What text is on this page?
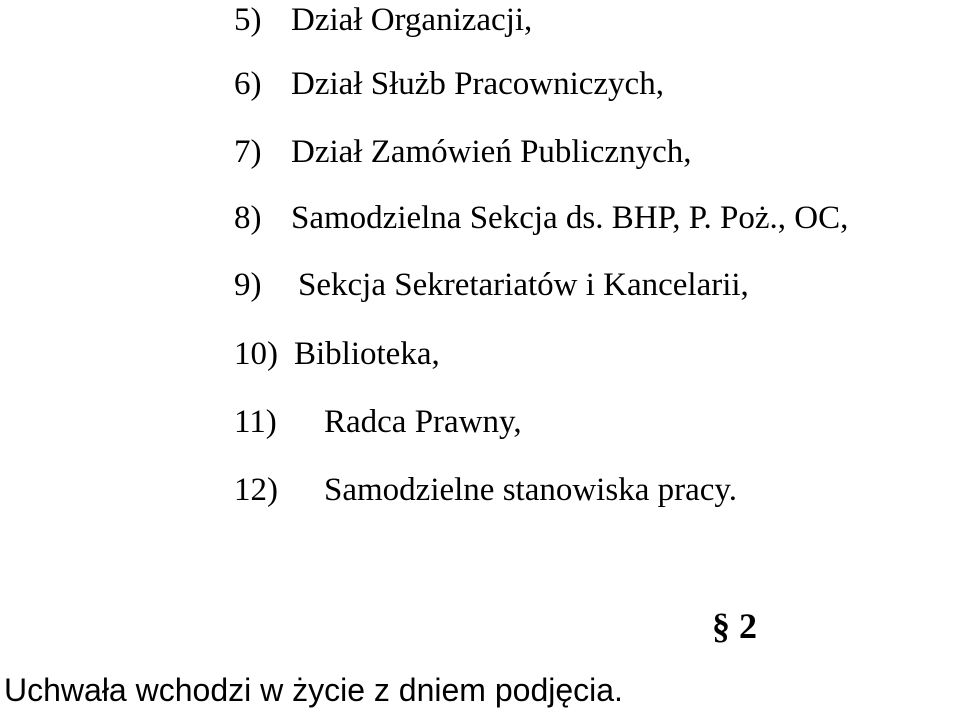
5) Dział Organizacji,
6) Dział Służb Pracowniczych,
7) Dział Zamówień Publicznych,
8) Samodzielna Sekcja ds. BHP, P. Poż., OC,
9) Sekcja Sekretariatów i Kancelarii,
10) Biblioteka,
11) Radca Prawny,
12) Samodzielne stanowiska pracy.
§ 2
Uchwała wchodzi w życie z dniem podjęcia.
